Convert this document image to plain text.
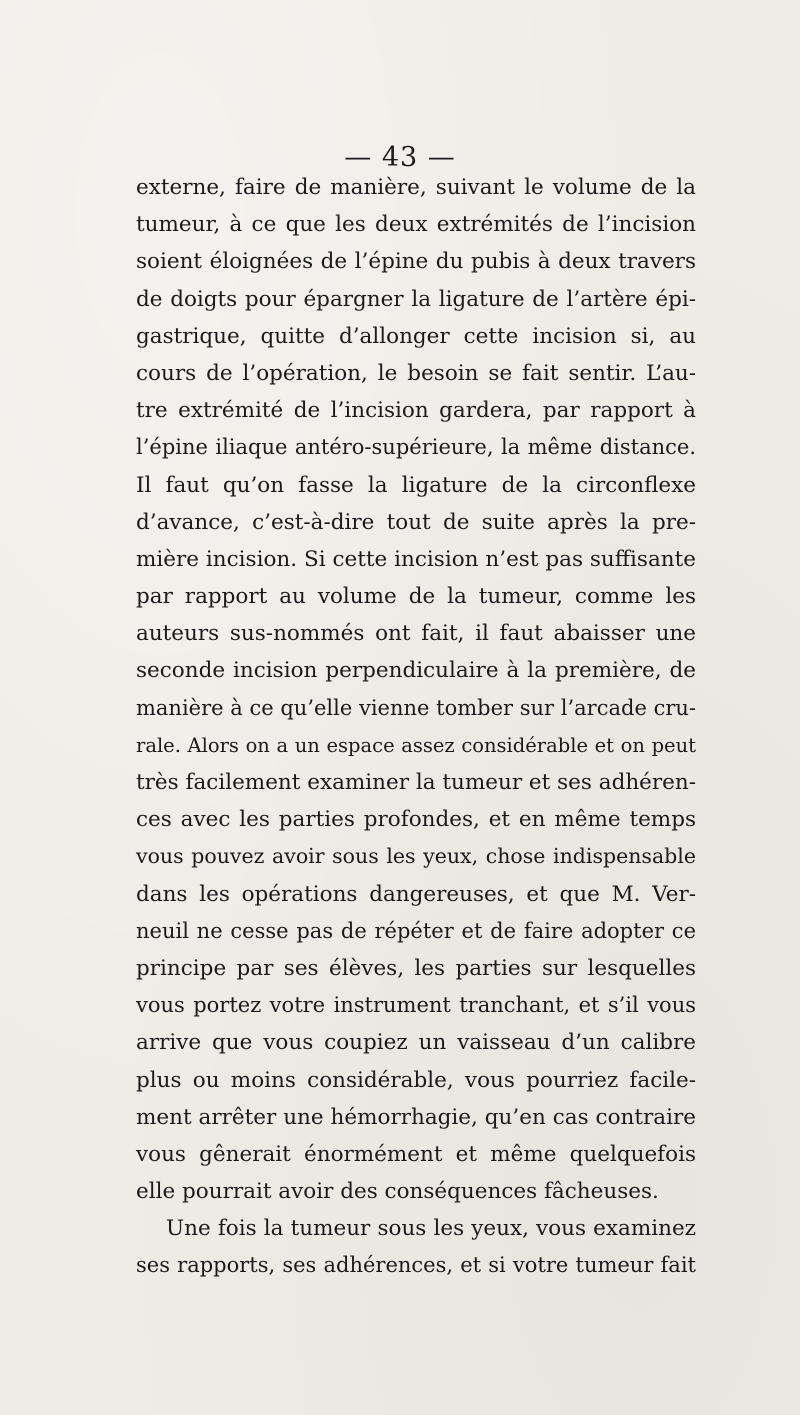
— 43 —
externe, faire de manière, suivant le volume de la
tumeur, à ce que les deux extrémités de l’incision
soient éloignées de l’épine du pubis à deux travers
de doigts pour épargner la ligature de l’artère épi-
gastrique, quitte d’allonger cette incision si, au
cours de l’opération, le besoin se fait sentir. L’au-
tre extrémité de l’incision gardera, par rapport à
l’épine iliaque antéro-supérieure, la même distance.
Il faut qu’on fasse la ligature de la circonflexe
d’avance, c’est-à-dire tout de suite après la pre-
mière incision. Si cette incision n’est pas suffisante
par rapport au volume de la tumeur, comme les
auteurs sus-nommés ont fait, il faut abaisser une
seconde incision perpendiculaire à la première, de
manière à ce qu’elle vienne tomber sur l’arcade cru-
rale. Alors on a un espace assez considérable et on peut
très facilement examiner la tumeur et ses adhéren-
ces avec les parties profondes, et en même temps
vous pouvez avoir sous les yeux, chose indispensable
dans les opérations dangereuses, et que M. Ver-
neuil ne cesse pas de répéter et de faire adopter ce
principe par ses élèves, les parties sur lesquelles
vous portez votre instrument tranchant, et s’il vous
arrive que vous coupiez un vaisseau d’un calibre
plus ou moins considérable, vous pourriez facile-
ment arrêter une hémorrhagie, qu’en cas contraire
vous gênerait énormément et même quelquefois
elle pourrait avoir des conséquences fâcheuses.
Une fois la tumeur sous les yeux, vous examinez
ses rapports, ses adhérences, et si votre tumeur fait
